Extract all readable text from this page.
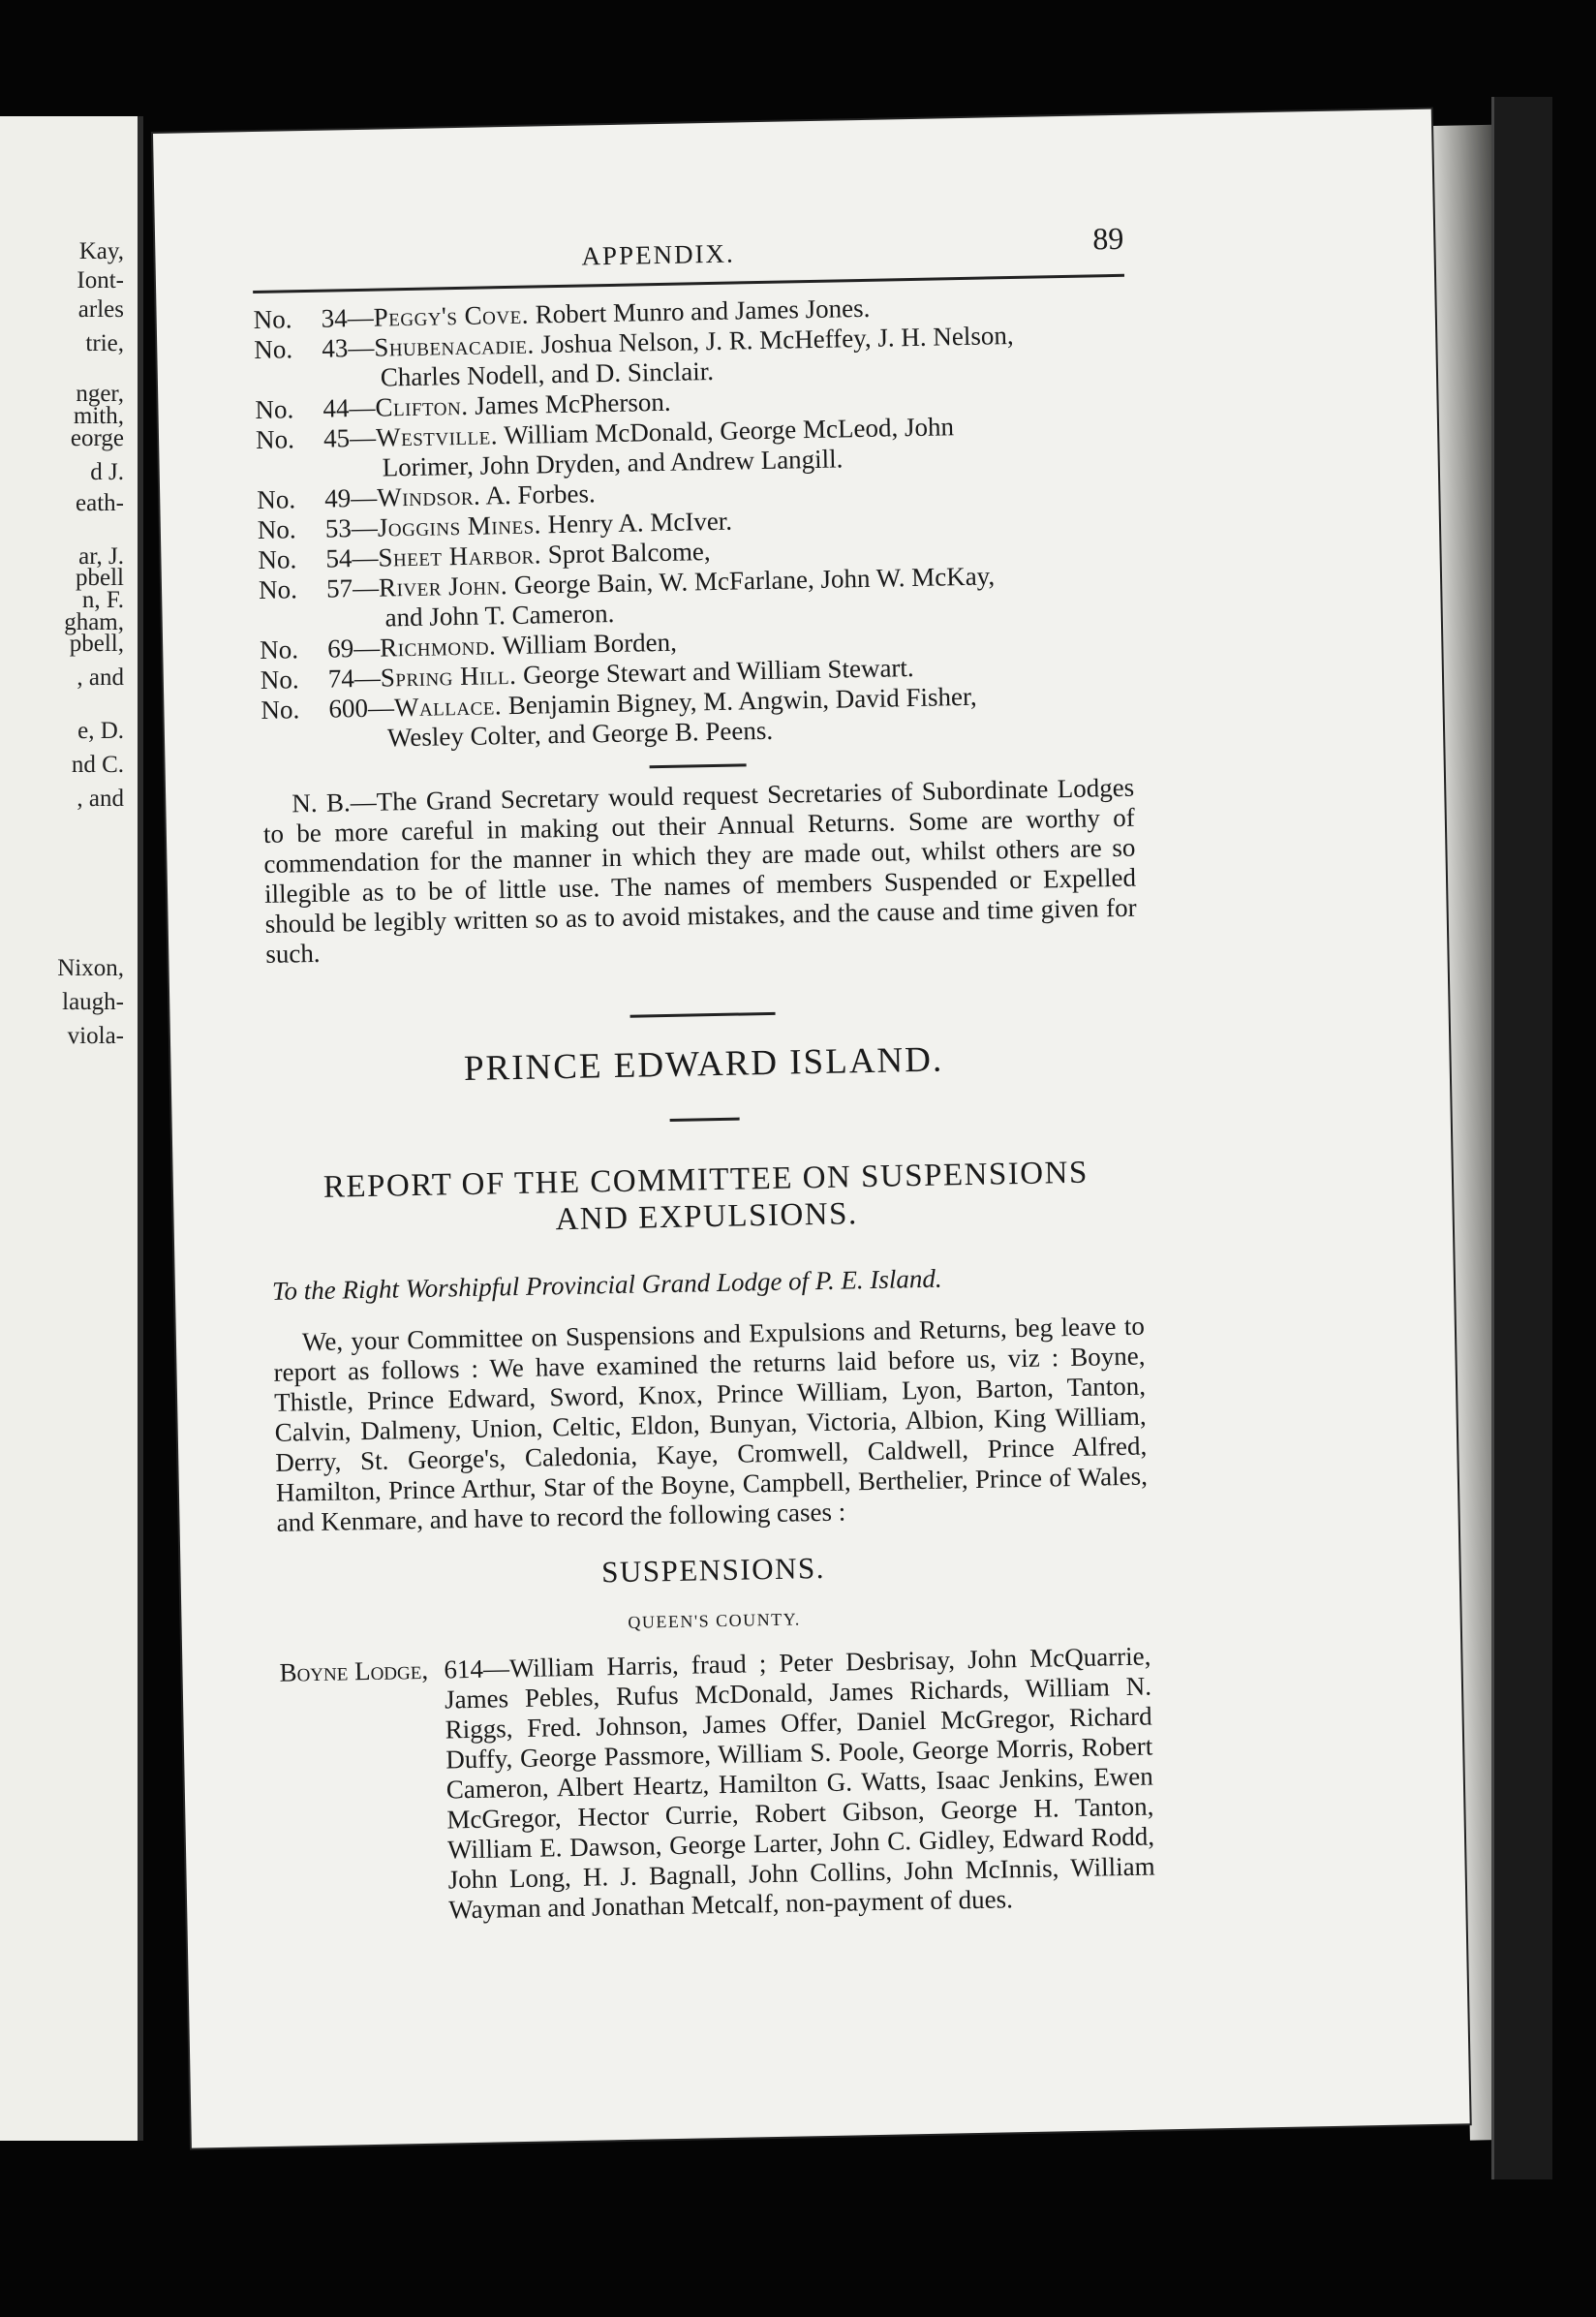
Kay,
Iont-
arles
trie,
nger,
mith,
eorge
d J.
eath-
ar, J.
pbell
n, F.
gham,
pbell,
, and
e, D.
nd C.
, and
Nixon,
laugh-
viola-
APPENDIX.	89
No.	34—Peggy's Cove. Robert Munro and James Jones.
No.	43—Shubenacadie. Joshua Nelson, J. R. McHeffey, J. H. Nelson,
Charles Nodell, and D. Sinclair.
No.	44—Clifton. James McPherson.
No.	45—Westville. William McDonald, George McLeod, John
Lorimer, John Dryden, and Andrew Langill.
No.	49—Windsor. A. Forbes.
No.	53—Joggins Mines. Henry A. McIver.
No.	54—Sheet Harbor. Sprot Balcome,
No.	57—River John. George Bain, W. McFarlane, John W. McKay,
and John T. Cameron.
No.	69—Richmond. William Borden,
No.	74—Spring Hill. George Stewart and William Stewart.
No.	600—Wallace. Benjamin Bigney, M. Angwin, David Fisher,
Wesley Colter, and George B. Peens.

N. B.—The Grand Secretary would request Secretaries of Subordinate Lodges to be more careful in making out their Annual Returns. Some are worthy of commendation for the manner in which they are made out, whilst others are so illegible as to be of little use. The names of members Suspended or Expelled should be legibly written so as to avoid mistakes, and the cause and time given for such.

PRINCE EDWARD ISLAND.
REPORT OF THE COMMITTEE ON SUSPENSIONS
AND EXPULSIONS.

To the Right Worshipful Provincial Grand Lodge of P. E. Island.

We, your Committee on Suspensions and Expulsions and Returns, beg leave to report as follows : We have examined the returns laid before us, viz : Boyne, Thistle, Prince Edward, Sword, Knox, Prince William, Lyon, Barton, Tanton, Calvin, Dalmeny, Union, Celtic, Eldon, Bunyan, Victoria, Albion, King William, Derry, St. George's, Caledonia, Kaye, Cromwell, Caldwell, Prince Alfred, Hamilton, Prince Arthur, Star of the Boyne, Campbell, Berthelier, Prince of Wales, and Kenmare, and have to record the following cases :

SUSPENSIONS.

QUEEN'S COUNTY.

Boyne Lodge, 614—William Harris, fraud ; Peter Desbrisay, John McQuarrie, James Pebles, Rufus McDonald, James Richards, William N. Riggs, Fred. Johnson, James Offer, Daniel McGregor, Richard Duffy, George Passmore, William S. Poole, George Morris, Robert Cameron, Albert Heartz, Hamilton G. Watts, Isaac Jenkins, Ewen McGregor, Hector Currie, Robert Gibson, George H. Tanton, William E. Dawson, George Larter, John C. Gidley, Edward Rodd, John Long, H. J. Bagnall, John Collins, John McInnis, William Wayman and Jonathan Metcalf, non-payment of dues.
